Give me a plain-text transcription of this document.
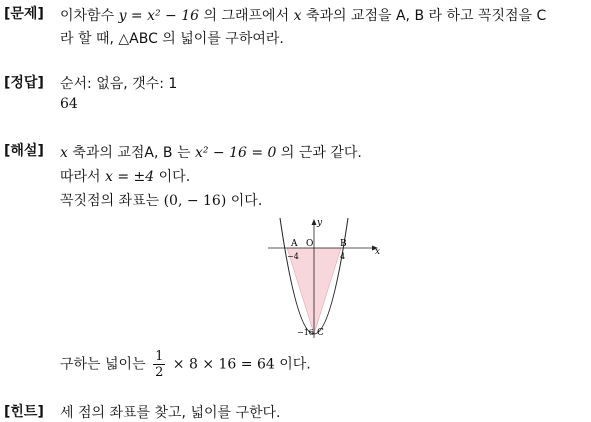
[문제] 이차함수 y = x² − 16 의 그래프에서 x 축과의 교점을 A, B 라 하고 꼭짓점을 C
라 할 때, △ABC 의 넓이를 구하여라.
[정답] 순서: 없음, 갯수: 1
64
[해설] x 축과의 교점A, B 는 x² − 16 = 0 의 근과 같다.
따라서 x = ±4 이다.
꼭짓점의 좌표는 (0, − 16) 이다.
x
y
A O	B
−4	4
−16 C
구하는 넓이는 $\frac{1}{2} \times 8 \times 16 = 64$ 이다.
[힌트] 세 점의 좌표를 찾고, 넓이를 구한다.
